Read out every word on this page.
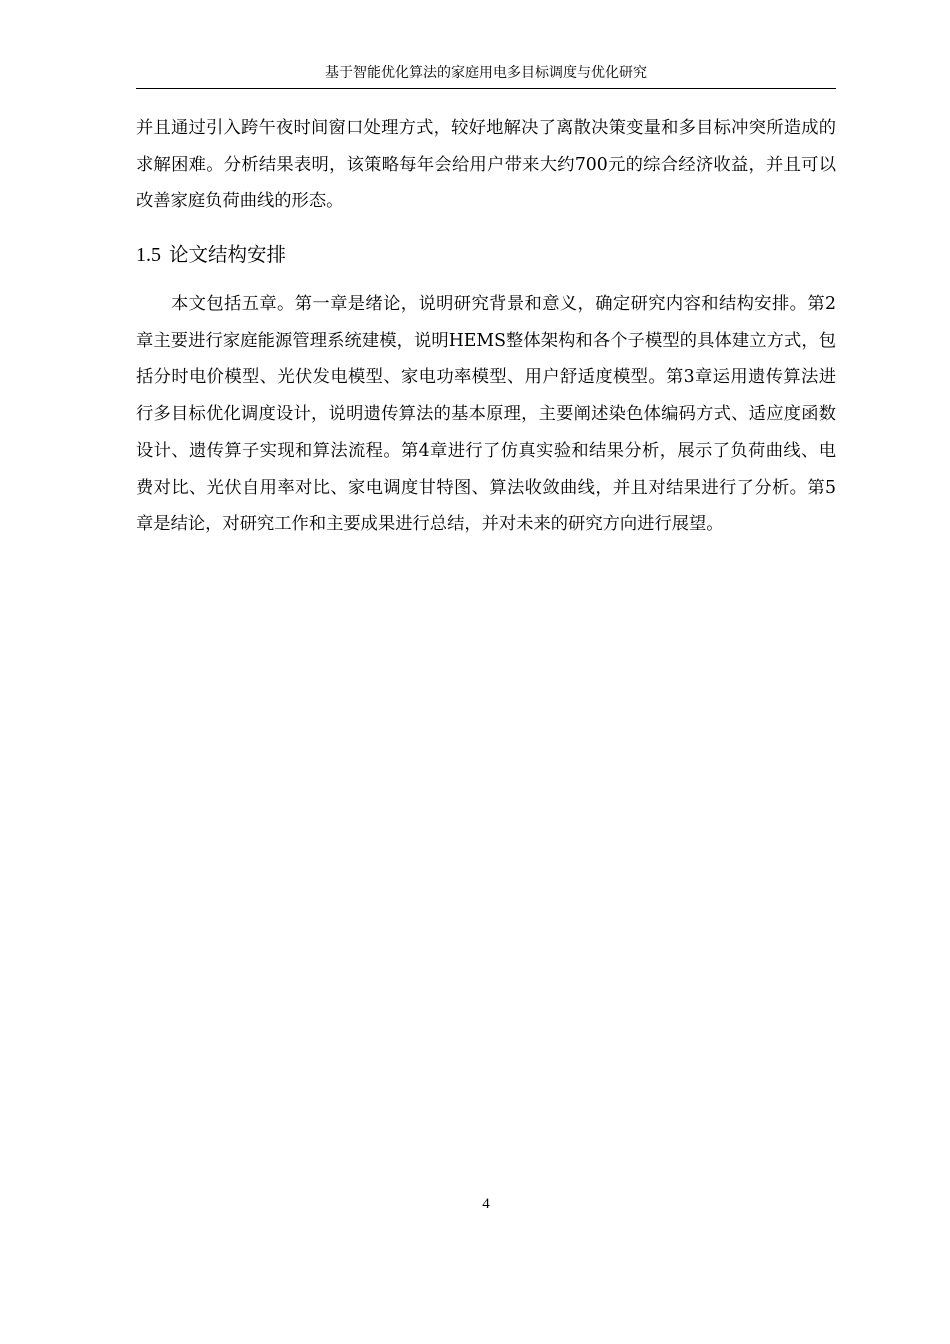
基于智能优化算法的家庭用电多目标调度与优化研究

并且通过引入跨午夜时间窗口处理方式，较好地解决了离散决策变量和多目标冲突所造成的求解困难。分析结果表明，该策略每年会给用户带来大约700元的综合经济收益，并且可以改善家庭负荷曲线的形态。

1.5 论文结构安排

本文包括五章。第一章是绪论，说明研究背景和意义，确定研究内容和结构安排。第2章主要进行家庭能源管理系统建模，说明HEMS整体架构和各个子模型的具体建立方式，包括分时电价模型、光伏发电模型、家电功率模型、用户舒适度模型。第3章运用遗传算法进行多目标优化调度设计，说明遗传算法的基本原理，主要阐述染色体编码方式、适应度函数设计、遗传算子实现和算法流程。第4章进行了仿真实验和结果分析，展示了负荷曲线、电费对比、光伏自用率对比、家电调度甘特图、算法收敛曲线，并且对结果进行了分析。第5章是结论，对研究工作和主要成果进行总结，并对未来的研究方向进行展望。

4
